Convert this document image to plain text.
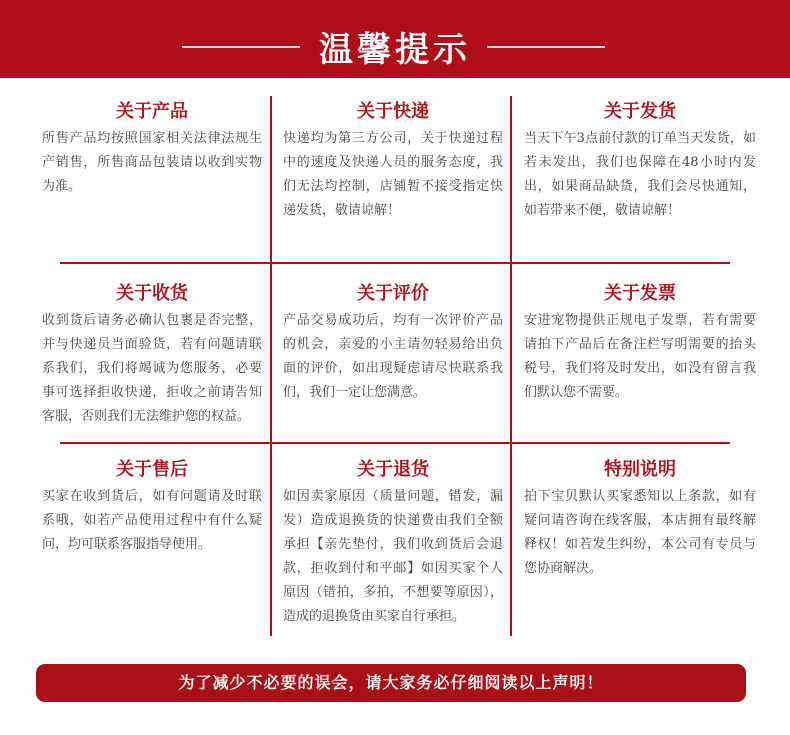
温馨提示
关于产品
所售产品均按照国家相关法律法规生产销售，所售商品包装请以收到实物为准。
关于快递
快递均为第三方公司，关于快递过程中的速度及快递人员的服务态度，我们无法均控制，店铺暂不接受指定快递发货，敬请谅解！
关于发货
当天下午3点前付款的订单当天发货，如若未发出，我们也保障在48小时内发出，如果商品缺货，我们会尽快通知，如若带来不便，敬请谅解！
关于收货
收到货后请务必确认包裹是否完整，并与快递员当面验货，若有问题请联系我们，我们将竭诚为您服务，必要事可选择拒收快递，拒收之前请告知客服，否则我们无法维护您的权益。
关于评价
产品交易成功后，均有一次评价产品的机会，亲爱的小主请勿轻易给出负面的评价，如出现疑虑请尽快联系我们，我们一定让您满意。
关于发票
安进宠物提供正规电子发票，若有需要请拍下产品后在备注栏写明需要的抬头税号，我们将及时发出，如没有留言我们默认您不需要。
关于售后
买家在收到货后，如有问题请及时联系哦，如若产品使用过程中有什么疑问，均可联系客服指导使用。
关于退货
如因卖家原因（质量问题，错发，漏发）造成退换货的快递费由我们全额承担【亲先垫付，我们收到货后会退款，拒收到付和平邮】如因买家个人原因（错拍，多拍，不想要等原因），造成的退换货由买家自行承担。
特别说明
拍下宝贝默认买家悉知以上条款，如有疑问请咨询在线客服，本店拥有最终解释权！如若发生纠纷，本公司有专员与您协商解决。
为了减少不必要的误会，请大家务必仔细阅读以上声明！
